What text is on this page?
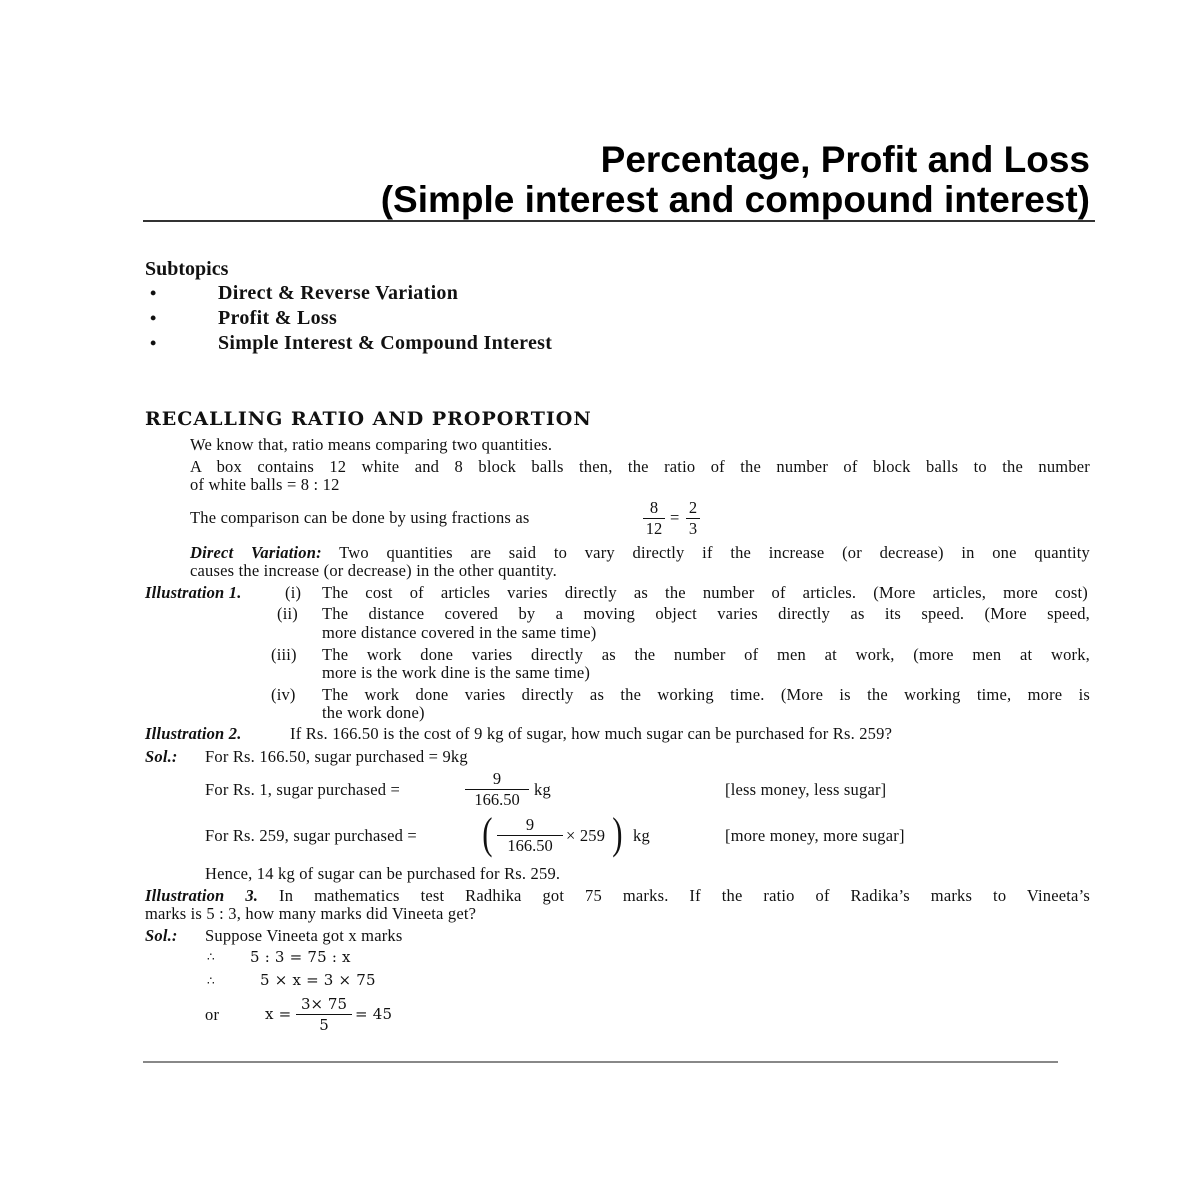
Percentage, Profit and Loss
(Simple interest and compound interest)
Subtopics
•	Direct & Reverse Variation
•	Profit & Loss
•	Simple Interest & Compound Interest
RECALLING RATIO AND PROPORTION
We know that, ratio means comparing two quantities.
A box contains 12 white and 8 block balls then, the ratio of the number of block balls to the number
of white balls = 8 : 12
The comparison can be done by using fractions as
8
12
=
2
3
Direct Variation: Two quantities are said to vary directly if the increase (or decrease) in one quantity
causes the increase (or decrease) in the other quantity.
Illustration 1.	(i) The cost of articles varies directly as the number of articles. (More articles, more cost)
(ii) The distance covered by a moving object varies directly as its speed. (More speed,
more distance covered in the same time)
(iii) The work done varies directly as the number of men at work, (more men at work,
more is the work dine is the same time)
(iv) The work done varies directly as the working time. (More is the working time, more is
the work done)
Illustration 2.	If Rs. 166.50 is the cost of 9 kg of sugar, how much sugar can be purchased for Rs. 259?
Sol.: For Rs. 166.50, sugar purchased = 9kg
For Rs. 1, sugar purchased =
9
166.50
kg	[less money, less sugar]
For Rs. 259, sugar purchased = (	9
166.50
× 259 ) kg	[more money, more sugar]
Hence, 14 kg of sugar can be purchased for Rs. 259.
Illustration 3. In mathematics test Radhika got 75 marks. If the ratio of Radika’s marks to Vineeta’s
marks is 5 : 3, how many marks did Vineeta get?
Sol.: Suppose Vineeta got x marks
∴ 5 : 3 = 75 : x
∴	5 × x = 3 × 75
or	x =
3× 75
5
= 45
